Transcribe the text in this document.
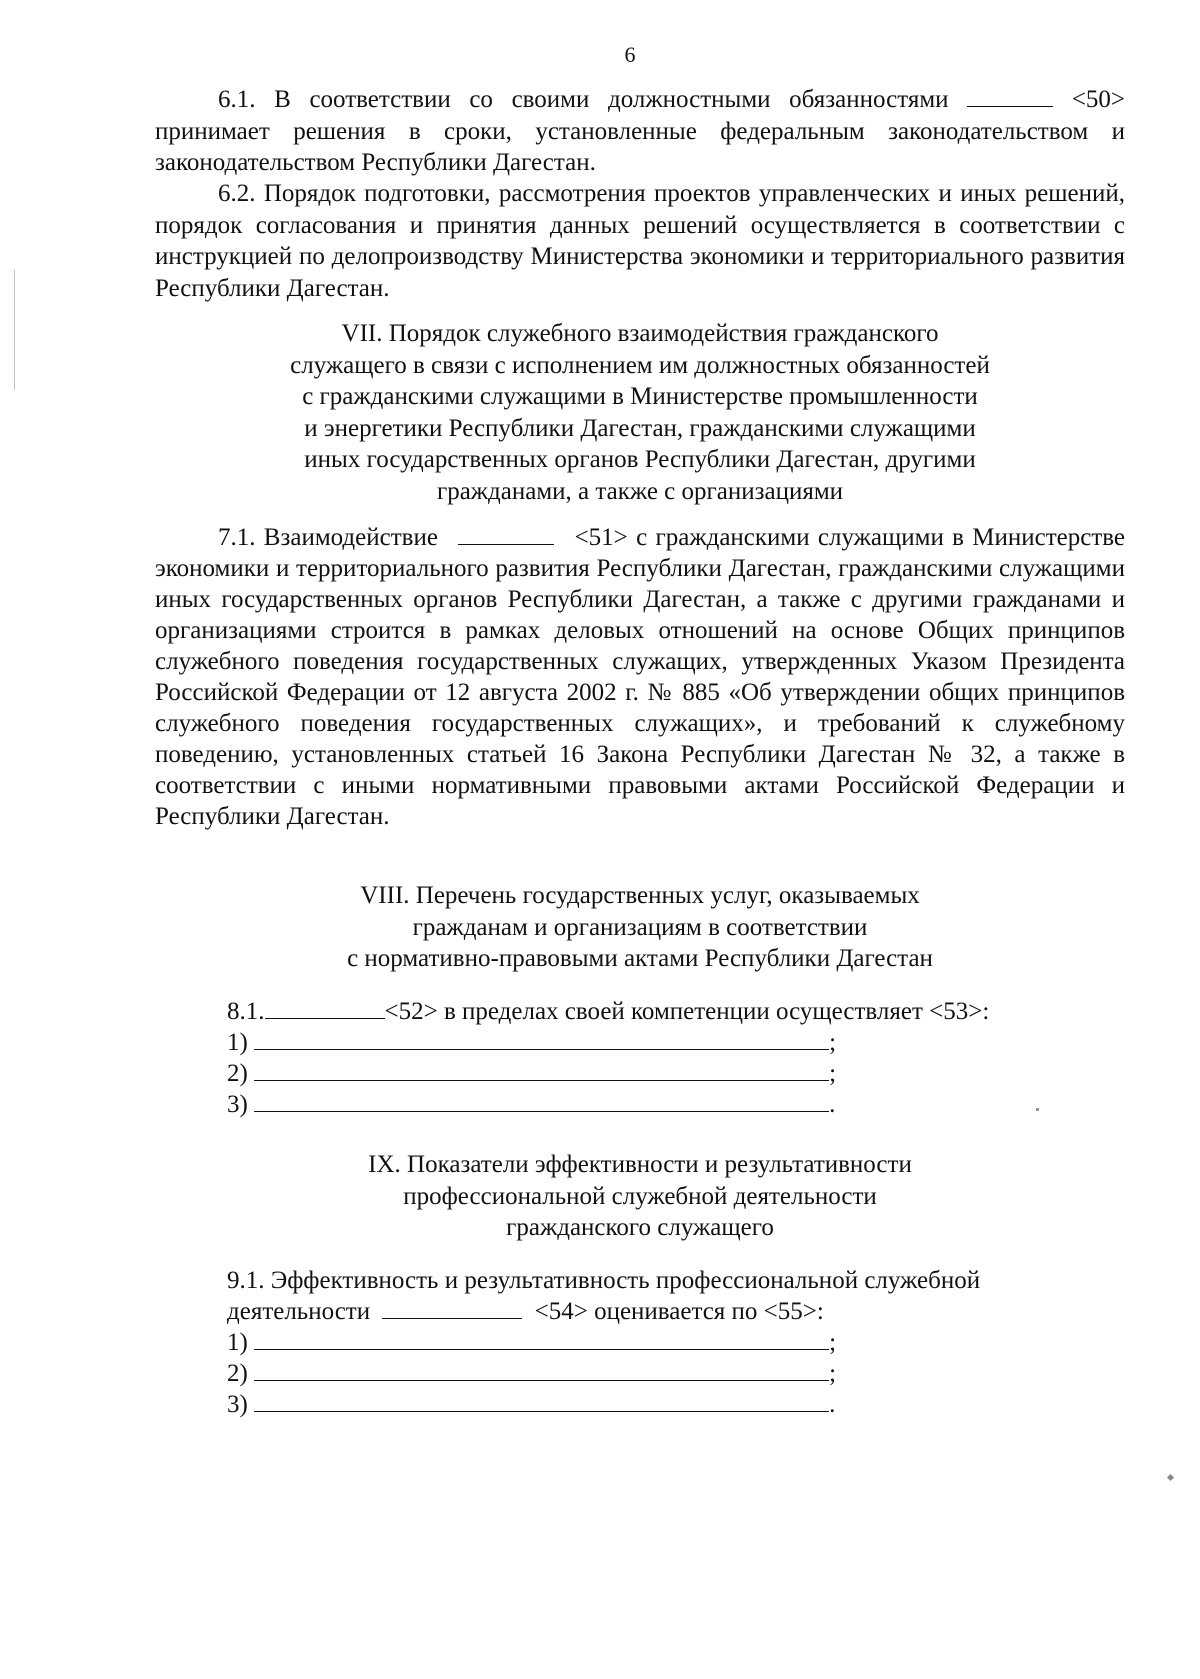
6

6.1. В соответствии со своими должностными обязанностями	<50> принимает решения в сроки, установленные федеральным законодательством и законодательством Республики Дагестан.

6.2. Порядок подготовки, рассмотрения проектов управленческих и иных решений, порядок согласования и принятия данных решений осуществляется в соответствии с инструкцией по делопроизводству Министерства экономики и территориального развития Республики Дагестан.

VII. Порядок служебного взаимодействия гражданского
служащего в связи с исполнением им должностных обязанностей
с гражданскими служащими в Министерстве промышленности
и энергетики Республики Дагестан, гражданскими служащими
иных государственных органов Республики Дагестан, другими
гражданами, а также с организациями

7.1. Взаимодействие	<51> с гражданскими служащими в Министерстве экономики и территориального развития Республики Дагестан, гражданскими служащими иных государственных органов Республики Дагестан, а также с другими гражданами и организациями строится в рамках деловых отношений на основе Общих принципов служебного поведения государственных служащих, утвержденных Указом Президента Российской Федерации от 12 августа 2002 г. № 885 «Об утверждении общих принципов служебного поведения государственных служащих», и требований к служебному поведению, установленных статьей 16 Закона Республики Дагестан № 32, а также в соответствии с иными нормативными правовыми актами Российской Федерации и Республики Дагестан.

VIII. Перечень государственных услуг, оказываемых
гражданам и организациям в соответствии
с нормативно-правовыми актами Республики Дагестан
8.1.	<52> в пределах своей компетенции осуществляет <53>:
1)	;
2)	;
3)	.
IX. Показатели эффективности и результативности
профессиональной служебной деятельности
гражданского служащего
9.1. Эффективность и результативность профессиональной служебной
деятельности	<54> оценивается по <55>:
1)	;
2)	;
3)	.
